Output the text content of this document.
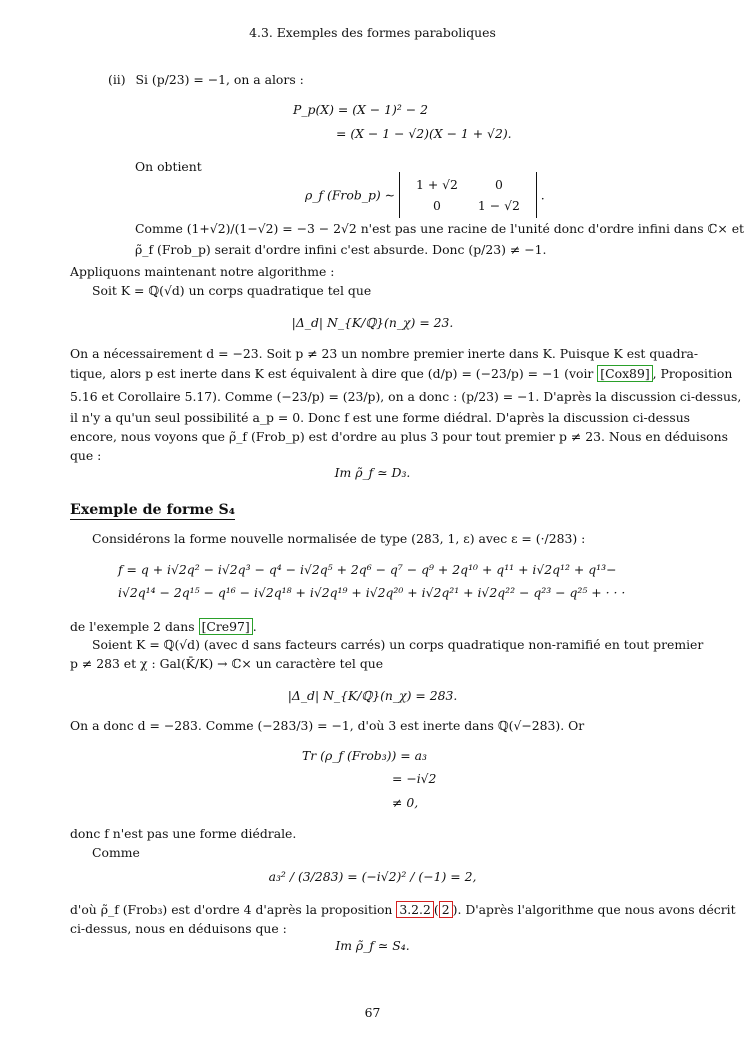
4.3. Exemples des formes paraboliques
(ii) Si (p/23) = −1, on a alors :
P_p(X) = (X − 1)² − 2
= (X − 1 − √2)(X − 1 + √2).
On obtient
ρ_f (Frob_p) ∼
1 + √2	0
0	1 − √2
.
Comme (1+√2)/(1−√2) = −3 − 2√2 n'est pas une racine de l'unité donc d'ordre infini dans ℂ× et
ρ̃_f (Frob_p) serait d'ordre infini c'est absurde. Donc (p/23) ≠ −1.
Appliquons maintenant notre algorithme :
Soit K = ℚ(√d) un corps quadratique tel que
|Δ_d| N_{K/ℚ}(n_χ) = 23.
On a nécessairement d = −23. Soit p ≠ 23 un nombre premier inerte dans K. Puisque K est quadra-
tique, alors p est inerte dans K est équivalent à dire que (d/p) = (−23/p) = −1 (voir [Cox89] , Proposition
5.16 et Corollaire 5.17). Comme (−23/p) = (23/p), on a donc : (p/23) = −1. D'après la discussion ci-dessus,
il n'y a qu'un seul possibilité a_p = 0. Donc f est une forme diédral. D'après la discussion ci-dessus
encore, nous voyons que ρ̃_f (Frob_p) est d'ordre au plus 3 pour tout premier p ≠ 23. Nous en déduisons
que :
Im ρ̃_f ≃ D₃.
Exemple de forme S₄
Considérons la forme nouvelle normalisée de type (283, 1, ε) avec ε = (·/283) :
f = q + i√2q² − i√2q³ − q⁴ − i√2q⁵ + 2q⁶ − q⁷ − q⁹ + 2q¹⁰ + q¹¹ + i√2q¹² + q¹³−
i√2q¹⁴ − 2q¹⁵ − q¹⁶ − i√2q¹⁸ + i√2q¹⁹ + i√2q²⁰ + i√2q²¹ + i√2q²² − q²³ − q²⁵ + · · ·
de l'exemple 2 dans [Cre97] .
Soient K = ℚ(√d) (avec d sans facteurs carrés) un corps quadratique non-ramifié en tout premier
p ≠ 283 et χ : Gal(K̄/K) → ℂ× un caractère tel que
|Δ_d| N_{K/ℚ}(n_χ) = 283.
On a donc d = −283. Comme (−283/3) = −1, d'où 3 est inerte dans ℚ(√−283). Or
Tr (ρ_f (Frob₃)) = a₃
= −i√2
≠ 0,
donc f n'est pas une forme diédrale.
Comme
a₃² / (3/283) = (−i√2)² / (−1) = 2,
d'où ρ̃_f (Frob₃) est d'ordre 4 d'après la proposition 3.2.2 ( 2 ). D'après l'algorithme que nous avons décrit
ci-dessus, nous en déduisons que :
Im ρ̃_f ≃ S₄.
67
